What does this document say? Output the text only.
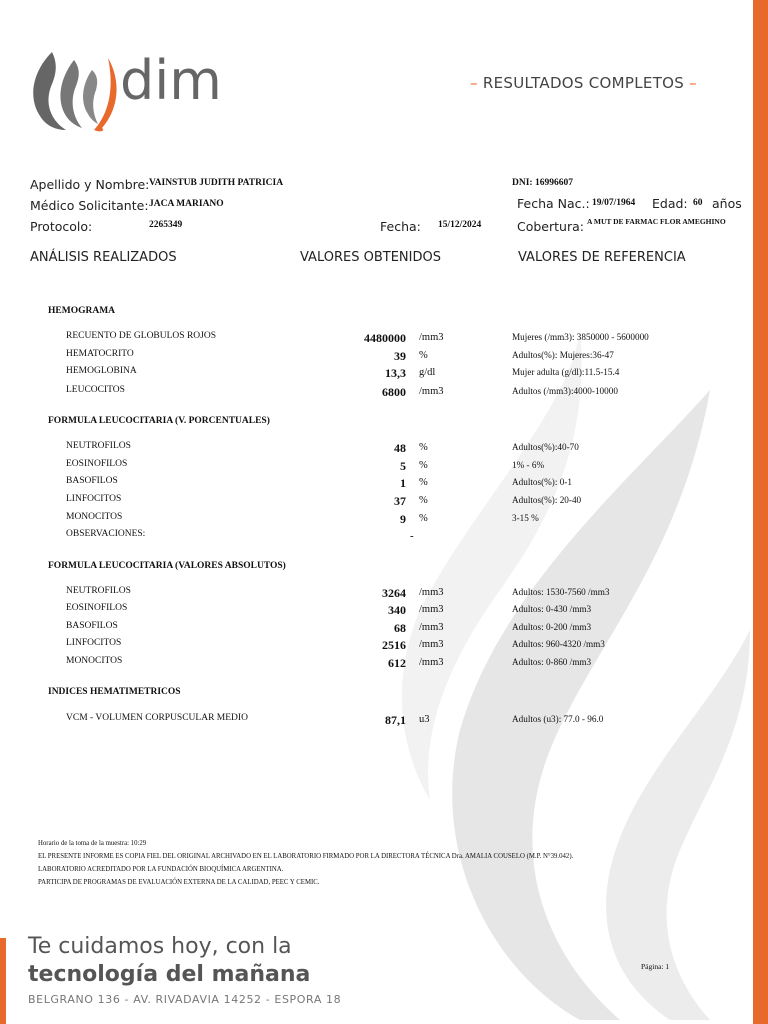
dim	– RESULTADOS COMPLETOS –
Apellido y Nombre: VAINSTUB JUDITH PATRICIA	DNI: 16996607
Médico Solicitante: JACA MARIANO	Fecha Nac.: 19/07/1964 Edad: 60 años
Protocolo:	2265349	Fecha: 15/12/2024	Cobertura: A MUT DE FARMAC FLOR AMEGHINO
ANÁLISIS REALIZADOS	VALORES OBTENIDOS	VALORES DE REFERENCIA
HEMOGRAMA
RECUENTO DE GLOBULOS ROJOS	4480000 /mm3	Mujeres (/mm3): 3850000 - 5600000
HEMATOCRITO	39 %	Adultos(%): Mujeres:36-47
HEMOGLOBINA	13,3 g/dl	Mujer adulta (g/dl):11.5-15.4
LEUCOCITOS	6800 /mm3	Adultos (/mm3):4000-10000
FORMULA LEUCOCITARIA (V. PORCENTUALES)
NEUTROFILOS	48 %	Adultos(%):40-70
EOSINOFILOS	5 %	1% - 6%
BASOFILOS	1 %	Adultos(%): 0-1
LINFOCITOS	37 %	Adultos(%): 20-40
MONOCITOS	9 %	3-15 %
OBSERVACIONES:	-
FORMULA LEUCOCITARIA (VALORES ABSOLUTOS)
NEUTROFILOS	3264 /mm3	Adultos: 1530-7560 /mm3
EOSINOFILOS	340 /mm3	Adultos: 0-430 /mm3
BASOFILOS	68 /mm3	Adultos: 0-200 /mm3
LINFOCITOS	2516 /mm3	Adultos: 960-4320 /mm3
MONOCITOS	612 /mm3	Adultos: 0-860 /mm3
INDICES HEMATIMETRICOS
VCM - VOLUMEN CORPUSCULAR MEDIO	87,1 u3	Adultos (u3): 77.0 - 96.0
Horario de la toma de la muestra: 10:29
EL PRESENTE INFORME ES COPIA FIEL DEL ORIGINAL ARCHIVADO EN EL LABORATORIO FIRMADO POR LA DIRECTORA TÉCNICA Dra. AMALIA COUSELO (M.P. N°39.042).
LABORATORIO ACREDITADO POR LA FUNDACIÓN BIOQUÍMICA ARGENTINA.
PARTICIPA DE PROGRAMAS DE EVALUACIÓN EXTERNA DE LA CALIDAD, PEEC Y CEMIC.
Te cuidamos hoy, con la
tecnología del mañana
BELGRANO 136 - AV. RIVADAVIA 14252 - ESPORA 18
Página: 1
